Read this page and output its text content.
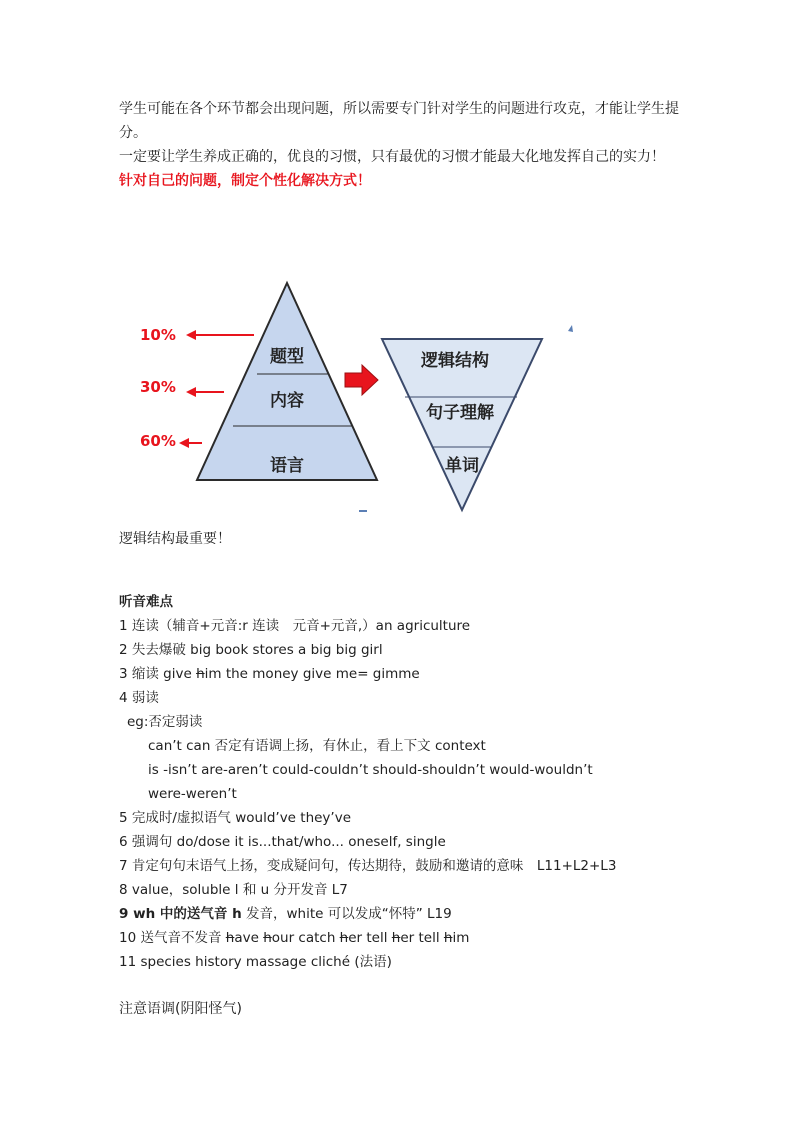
学生可能在各个环节都会出现问题，所以需要专门针对学生的问题进行攻克，才能让学生提分。

一定要让学生养成正确的，优良的习惯，只有最优的习惯才能最大化地发挥自己的实力！

针对自己的问题，制定个性化解决方式！

题型
内容
语言
10%
30%
60%
逻辑结构
句子理解
单词
逻辑结构最重要！

听音难点

1 连读（辅音+元音:r 连读　元音+元音,）an agriculture

2 失去爆破 big book stores a big big girl

3 缩读 give him the money give me= gimme

4 弱读

eg:否定弱读

can’t can 否定有语调上扬，有休止，看上下文 context

is -isn’t are-aren’t could-couldn’t should-shouldn’t would-wouldn’t

were-weren’t

5 完成时/虚拟语气 would’ve they’ve

6 强调句 do/dose it is...that/who... oneself, single

7 肯定句句末语气上扬，变成疑问句，传达期待，鼓励和邀请的意味　L11+L2+L3

8 value，soluble l 和 u 分开发音 L7

9 wh 中的送气音 h 发音，white 可以发成“怀特” L19

10 送气音不发音 have hour catch her tell her tell him

11 species history massage cliché (法语)

注意语调(阴阳怪气)
